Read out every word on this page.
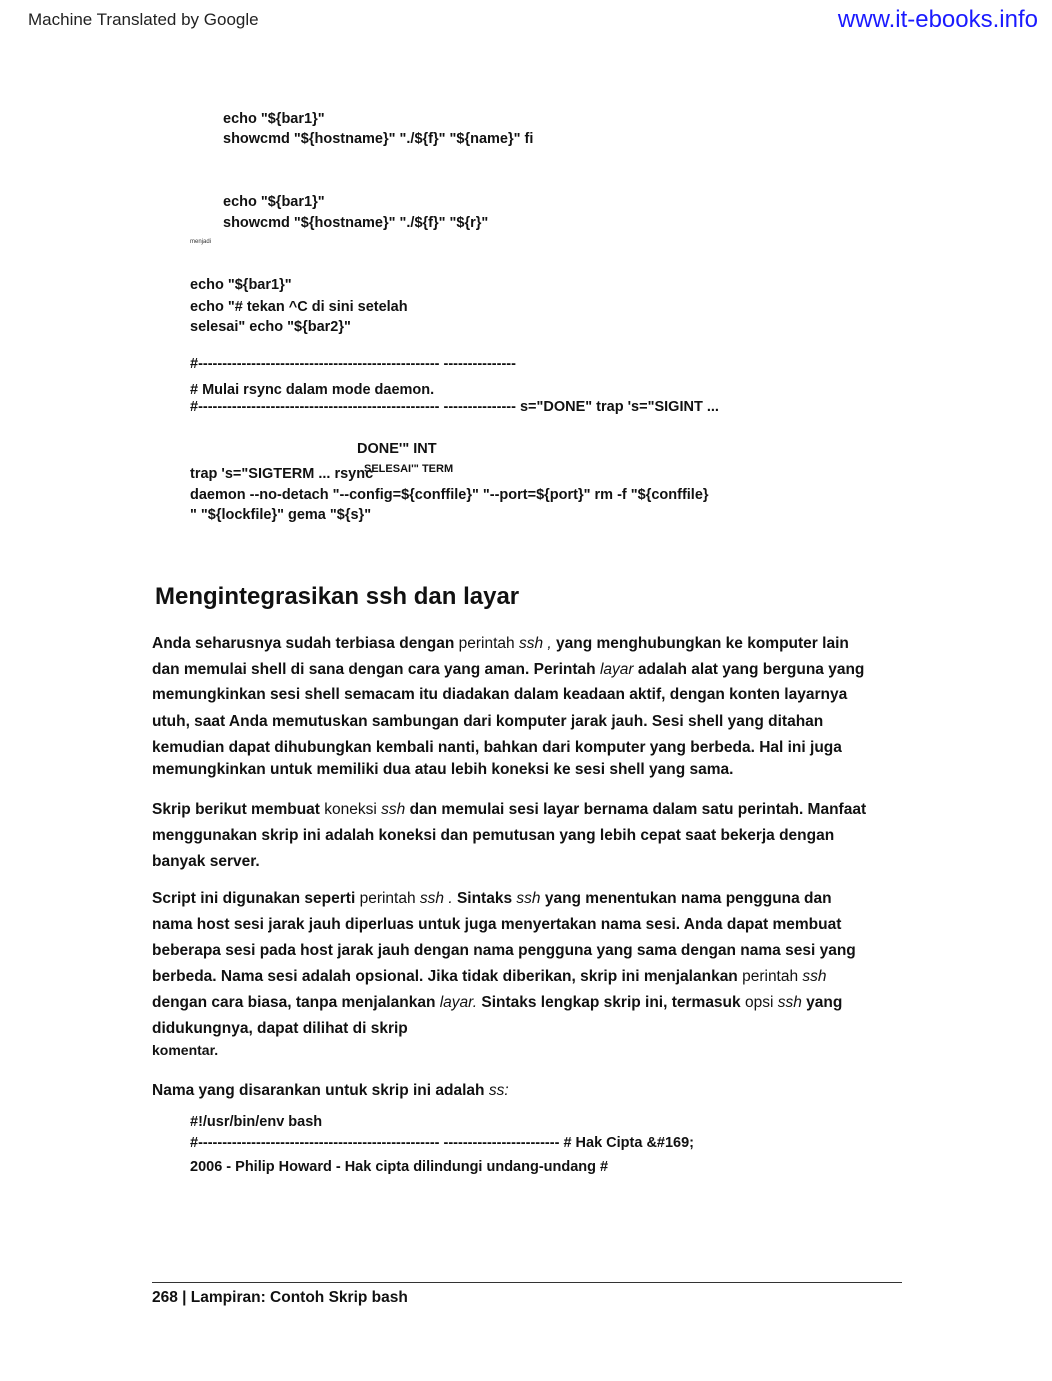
Machine Translated by Google	www.it-ebooks.info
echo "${bar1}"
showcmd "${hostname}" "./${f}" "${name}" fi
echo "${bar1}"
showcmd "${hostname}" "./${f}" "${r}"
menjadi
echo "${bar1}"
echo "# tekan ^C di sini setelah
selesai" echo "${bar2}"
#-------------------------------------------------- ---------------
# Mulai rsync dalam mode daemon.
#-------------------------------------------------- --------------- s="DONE" trap 's="SIGINT ...
DONE'" INT
trap 's="SIGTERM ... rsync
SELESAI'" TERM
daemon --no-detach "--config=${conffile}" "--port=${port}" rm -f "${conffile}
" "${lockfile}" gema "${s}"
Mengintegrasikan ssh dan layar
Anda seharusnya sudah terbiasa dengan perintah ssh , yang menghubungkan ke komputer lain
dan memulai shell di sana dengan cara yang aman. Perintah layar adalah alat yang berguna yang
memungkinkan sesi shell semacam itu diadakan dalam keadaan aktif, dengan konten layarnya
utuh, saat Anda memutuskan sambungan dari komputer jarak jauh. Sesi shell yang ditahan
kemudian dapat dihubungkan kembali nanti, bahkan dari komputer yang berbeda. Hal ini juga
memungkinkan untuk memiliki dua atau lebih koneksi ke sesi shell yang sama.
Skrip berikut membuat koneksi ssh dan memulai sesi layar bernama dalam satu perintah. Manfaat
menggunakan skrip ini adalah koneksi dan pemutusan yang lebih cepat saat bekerja dengan
banyak server.
Script ini digunakan seperti perintah ssh . Sintaks ssh yang menentukan nama pengguna dan
nama host sesi jarak jauh diperluas untuk juga menyertakan nama sesi. Anda dapat membuat
beberapa sesi pada host jarak jauh dengan nama pengguna yang sama dengan nama sesi yang
berbeda. Nama sesi adalah opsional. Jika tidak diberikan, skrip ini menjalankan perintah ssh
dengan cara biasa, tanpa menjalankan layar. Sintaks lengkap skrip ini, termasuk opsi ssh yang
didukungnya, dapat dilihat di skrip
komentar.
Nama yang disarankan untuk skrip ini adalah ss:
#!/usr/bin/env bash
#-------------------------------------------------- ------------------------ # Hak Cipta &#169;
2006 - Philip Howard - Hak cipta dilindungi undang-undang #
268 | Lampiran: Contoh Skrip bash
